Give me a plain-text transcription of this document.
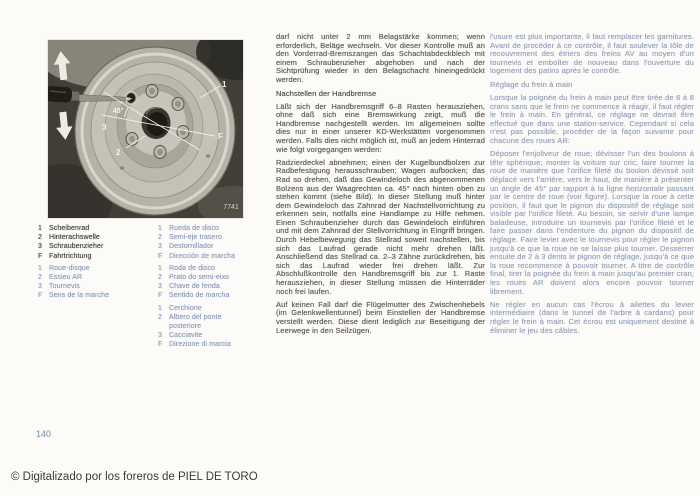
1
2
3
F
45°
7741
1	Scheibenrad
2	Hinterachswelle
3	Schraubenzieher
F Fahrtrichtung
1	Roue-disque
2	Essieu AR
3	Tournevis
F Sens de la marche
1	Rueda de disco
2	Semi-eje trasero
3	Destornillador
F Dirección de marcha
1	Roda de disco
2	Prato do semi-eixo
3	Chave de fenda
F Sentido de marcha
1	Cerchione
2	Albero del ponte posteriore
3	Cacciavite
F Direzione di marcia

darf nicht unter 2 mm Belagstärke kommen; wenn erforderlich, Beläge wechseln. Vor dieser Kontrolle muß an den Vorderrad-Bremszangen das Schachtabdeckblech mit einem Schraubenzieher abgehoben und nach der Sichtprüfung wieder in den Belagschacht hineingedrückt werden.

Nachstellen der Handbremse

Läßt sich der Handbremsgriff 6–8 Rasten herausziehen, ohne daß sich eine Bremswirkung zeigt, muß die Handbremse nachgestellt werden. Im allgemeinen sollte dies nur in einer unserer KD-Werkstätten vorgenommen werden. Falls dies nicht möglich ist, muß an jedem Hinterrad wie folgt vorgegangen werden:

Radzierdeckel abnehmen; einen der Kugelbundbolzen zur Radbefestigung herausschrauben; Wagen aufbocken; das Rad so drehen, daß das Gewindeloch des abgenommenen Bolzens aus der Waagrechten ca. 45° nach hinten oben zu stehen kommt (siehe Bild). In dieser Stellung muß hinter dem Gewindeloch das Zahnrad der Nachstellvorrichtung zu erkennen sein, notfalls eine Handlampe zu Hilfe nehmen. Einen Schraubenzieher durch das Gewindeloch einführen und mit dem Zahnrad der Stellvorrichtung in Eingriff bringen. Durch Hebelbewegung das Stellrad soweit nachstellen, bis sich das Laufrad gerade nicht mehr drehen läßt. Anschließend das Stellrad ca. 2–3 Zähne zurückdrehen, bis sich das Laufrad wieder frei drehen läßt. Zur Abschlußkontrolle den Handbremsgriff bis zur 1. Raste herausziehen, in dieser Stellung müssen die Hinterräder noch frei laufen.

Auf keinen Fall darf die Flügelmutter des Zwischenhebels (im Gelenkwellentunnel) beim Einstellen der Handbremse verstellt werden. Diese dient lediglich zur Beseitigung der Leerwege in den Seilzügen.

l'usure est plus importante, il faut remplacer les garnitures. Avant de procéder à ce contrôle, il faut soulever la tôle de recouvrement des étriers des freins AV au moyen d'un tournevis et emboîter de nouveau dans l'ouverture du logement des patins après le contrôle.

Réglage du frein à main

Lorsque la poignée du frein à main peut être tirée de 6 à 8 crans sans que le frein ne commence à réagir, il faut régler le frein à main. En général, ce réglage ne devrait être effectué que dans une station-service. Cependant si cela n'est pas possible, procéder de la façon suivante pour chacune des roues AR:

Déposer l'enjoliveur de roue; dévisser l'un des boulons à tête sphérique; monter la voiture sur cric; faire tourner la roue de manière que l'orifice fileté du boulon dévissé soit déplacé vers l'arrière, vers le haut, de manière à présenter un angle de 45° par rapport à la ligne horizontale passant par le centre de roue (voir figure). Lorsque la roue à cette position, il faut que le pignon du dispositif de réglage soit visible par l'orifice fileté. Au besoin, se servir d'une lampe baladeuse, introduire un tournevis par l'orifice fileté et le faire passer dans l'endenture du pignon du dispositif de réglage. Faire levier avec le tournevis pour régler le pignon jusqu'à ce que la roue ne se laisse plus tourner. Desserrer ensuite de 2 à 3 dents le pignon de réglage, jusqu'à ce que la roue recommence à pouvoir tourner. A titre de contrôle final, tirer la poignée du frein à main jusqu'au premier cran, les roues AR doivent alors encore pouvoir tourner librement.

Ne régler en aucun cas l'écrou à ailettes du levier intermédiaire (dans le tunnel de l'arbre à cardans) pour régler le frein à main. Cet écrou est uniquement destiné à éliminer le jeu des câbles.

140
© Digitalizado por los foreros de PIEL DE TORO
